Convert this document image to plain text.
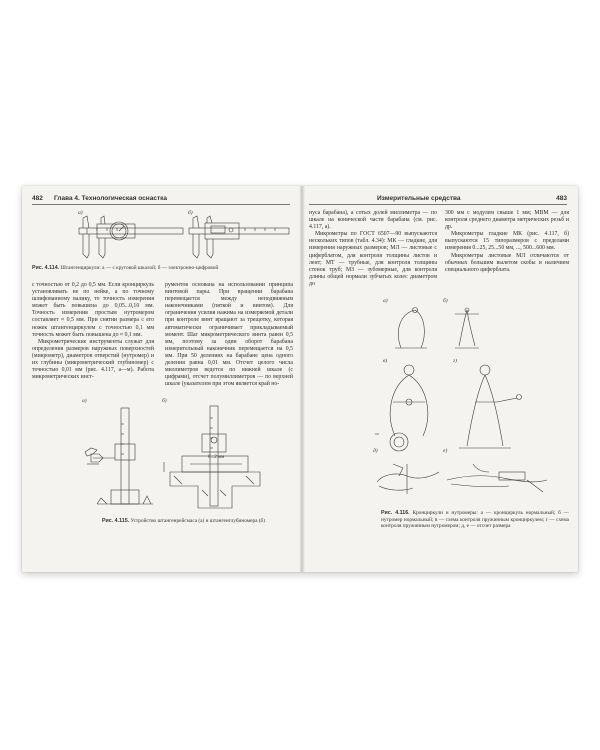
482 Глава 4. Технологическая оснастка
а)	б)
Рис. 4.114. Штангенциркули: а — с круговой шкалой; б — электронно-цифровой

с точностью от 0,2 до 0,5 мм. Если кронциркуль установливать не по нейке, а по точному шлифованному валику, то точность измерения может быть повышена до 0,05...0,10 мм. Точность измерения простым нутромером составляет ≈ 0,5 мм. При снятии размера с его ножек штангенциркулем с точностью 0,1 мм точность может быть повышена до ≈ 0,1 мм.

Микрометрические инструменты служат для определения размеров наружных поверхностей (микрометр), диаметров отверстий (нутромер) и их глубины (микрометрический глубиномер) с точностью 0,01 мм (рис. 4.117, а—м). Работа микрометрических инст-

рументов основана на использовании принципа винтовой пары. При вращении барабана перемещается между неподвижным наконечниками (пяткой и винтом). Для ограничения усилия нажима на измеряемой детали при контроле винт вращают за трещотку, которая автоматически ограничивает прикладываемый момент. Шаг микрометрического винта равен 0,5 мм, поэтому за один оборот барабана измерительный наконечник перемещается на 0,5 мм. При 50 делениях на барабане цена одного деления равна 0,01 мм. Отсчет целого числа миллиметров ведется по нижней шкале (с цифрами), отсчет полумиллиметров — по верхней шкале (указателем при этом является край но-

а)	б)
0...2 мм
Рис. 4.115. Устройство штангенрейсмаса (а) и штангенглубиномера (б)
Измерительные средства	483

нуса барабана), а сотых долей миллиметра — по шкале на конической части барабана (см. рис. 4.117, а).

Микрометры по ГОСТ 6507—90 выпускаются нескольких типов (табл. 4.34): МК — гладкие, для измерения наружных размеров; МЛ — листовые с циферблатом, для контроля толщины листов и лент; МТ — трубные, для контроля толщины стенок труб; МЗ — зубомерные, для контроля длины общей нормали зубчатых колес диаметром до

300 мм с модулем свыше 1 мм; МВМ — для контроля среднего диаметра метрических резьб и др.

Микрометры гладкие МК (рис. 4.117, б) выпускаются 15 типоразмеров с пределами измерения 0...25, 25...50 мм, ..., 500...600 мм.

Микрометры листовые МЛ отличаются от обычных большим вылетом скобы и наличием специального циферблата.

а)	б)
в)	г)
д)	е)
Рис. 4.116. Кронциркули и нутромеры: а — кронциркуль нормальный; б — нутромер нормальный; в — схема контроля пружинным кронциркулем; г — схема контроля пружинным нутромером; д, е — отсчет размера
